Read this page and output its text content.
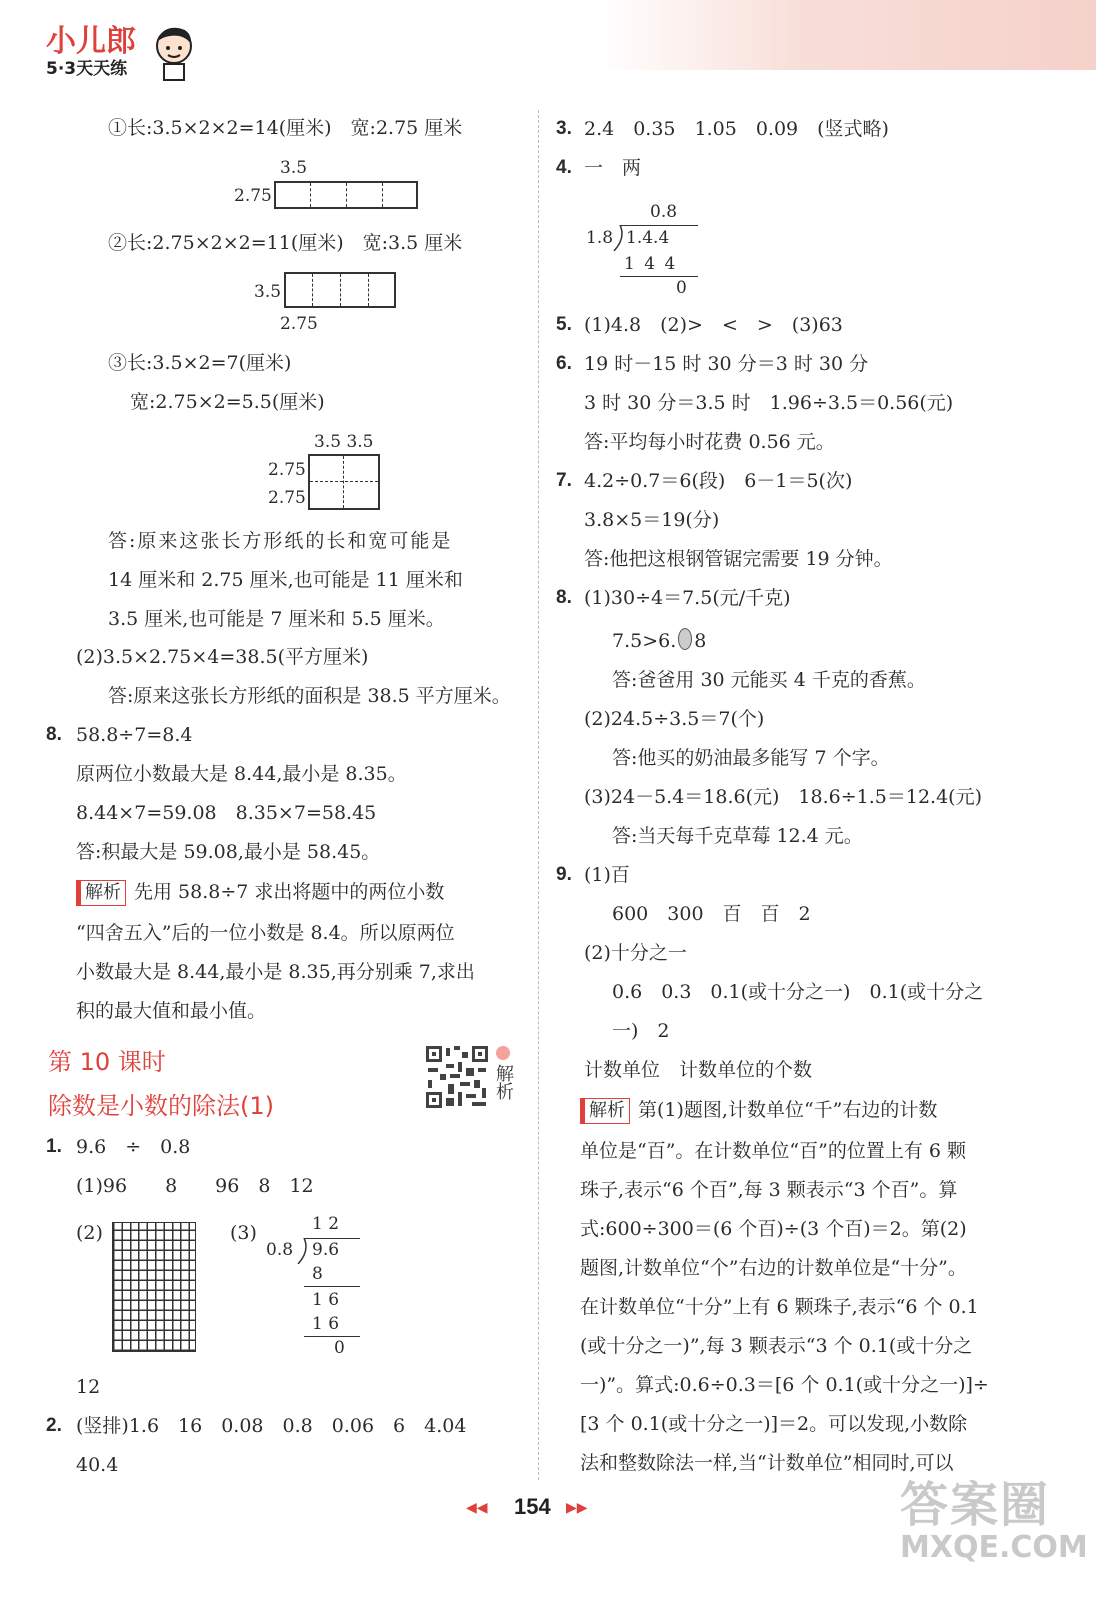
小儿郎
5·3天天练
①长:3.5×2×2=14(厘米)　宽:2.75 厘米
3.5
2.75
②长:2.75×2×2=11(厘米)　宽:3.5 厘米
3.5
2.75
③长:3.5×2=7(厘米)
宽:2.75×2=5.5(厘米)
3.5 3.5
2.75
2.75
答:原来这张长方形纸的长和宽可能是
14 厘米和 2.75 厘米,也可能是 11 厘米和
3.5 厘米,也可能是 7 厘米和 5.5 厘米。
(2)3.5×2.75×4=38.5(平方厘米)
答:原来这张长方形纸的面积是 38.5 平方厘米。
8. 58.8÷7=8.4
原两位小数最大是 8.44,最小是 8.35。
8.44×7=59.08　8.35×7=58.45
答:积最大是 59.08,最小是 58.45。
解析 先用 58.8÷7 求出将题中的两位小数
“四舍五入”后的一位小数是 8.4。所以原两位
小数最大是 8.44,最小是 8.35,再分别乘 7,求出
积的最大值和最小值。
第 10 课时
除数是小数的除法(1)
解析
1. 9.6　÷　0.8
(1)96　　8　　96　8　12
(2)	(3)	1 2
0.8 9.6
8
1 6
1 6
0
12
2. (竖排)1.6　16　0.08　0.8　0.06　6　4.04
40.4
3. 2.4　0.35　1.05　0.09　(竖式略)
4. 一　两
0.8
1.8 1.4.4
1 4 4
0
5. (1)4.8　(2)>　<　>　(3)63
6. 19 时－15 时 30 分＝3 时 30 分
3 时 30 分＝3.5 时　1.96÷3.5＝0.56(元)
答:平均每小时花费 0.56 元。
7. 4.2÷0.7＝6(段)　6－1＝5(次)
3.8×5＝19(分)
答:他把这根钢管锯完需要 19 分钟。
8. (1)30÷4＝7.5(元/千克)
7.5>6. 8
答:爸爸用 30 元能买 4 千克的香蕉。
(2)24.5÷3.5＝7(个)
答:他买的奶油最多能写 7 个字。
(3)24－5.4＝18.6(元)　18.6÷1.5＝12.4(元)
答:当天每千克草莓 12.4 元。
9. (1)百
600　300　百　百　2
(2)十分之一
0.6　0.3　0.1(或十分之一)　0.1(或十分之
一)　2
计数单位　计数单位的个数
解析 第(1)题图,计数单位“千”右边的计数
单位是“百”。在计数单位“百”的位置上有 6 颗
珠子,表示“6 个百”,每 3 颗表示“3 个百”。算
式:600÷300＝(6 个百)÷(3 个百)＝2。第(2)
题图,计数单位“个”右边的计数单位是“十分”。
在计数单位“十分”上有 6 颗珠子,表示“6 个 0.1
(或十分之一)”,每 3 颗表示“3 个 0.1(或十分之
一)”。算式:0.6÷0.3＝[6 个 0.1(或十分之一)]÷
[3 个 0.1(或十分之一)]＝2。可以发现,小数除
法和整数除法一样,当“计数单位”相同时,可以
◀◀ 154 ▶▶	答案圈
MXQE.COM
